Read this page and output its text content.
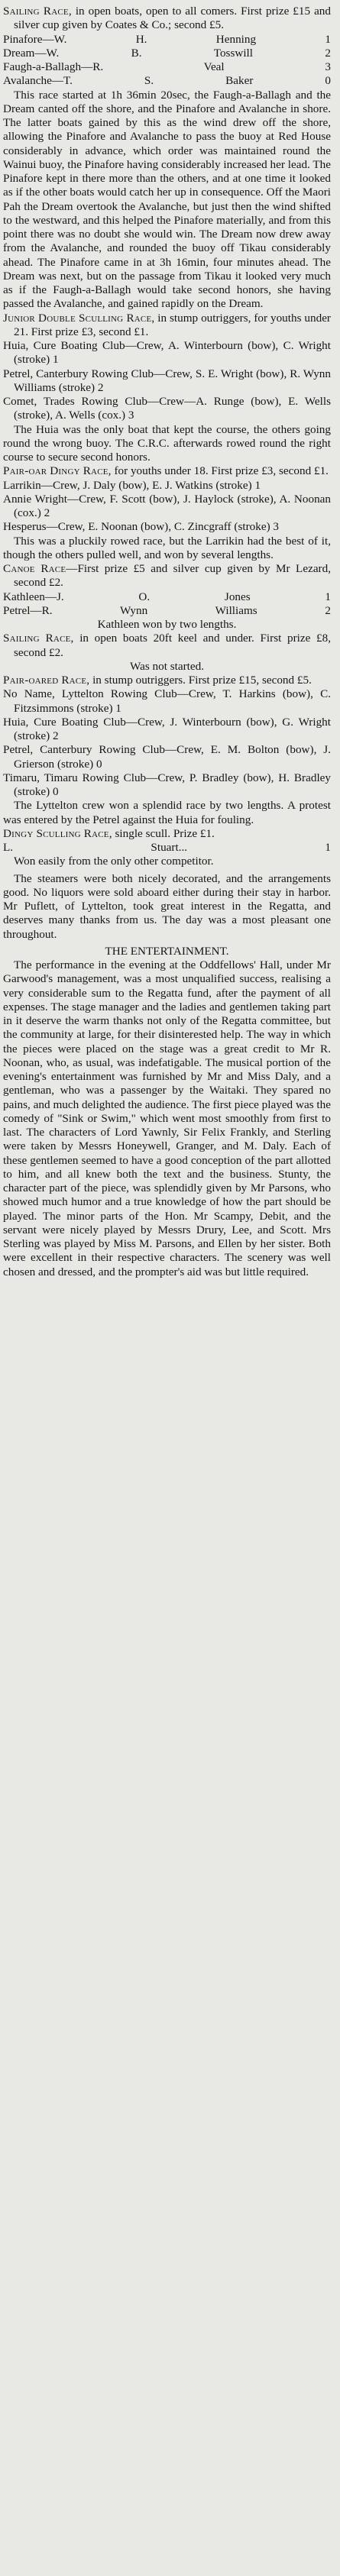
Sailing Race, in open boats, open to all comers. First prize £15 and silver cup given by Coates & Co.; second £5.

Pinafore—W. H. Henning 1

Dream—W. B. Tosswill 2

Faugh-a-Ballagh—R. Veal 3

Avalanche—T. S. Baker 0

This race started at 1h 36min 20sec, the Faugh-a-Ballagh and the Dream canted off the shore, and the Pinafore and Avalanche in shore. The latter boats gained by this as the wind drew off the shore, allowing the Pinafore and Avalanche to pass the buoy at Red House considerably in advance, which order was maintained round the Wainui buoy, the Pinafore having considerably increased her lead. The Pinafore kept in there more than the others, and at one time it looked as if the other boats would catch her up in consequence. Off the Maori Pah the Dream overtook the Avalanche, but just then the wind shifted to the westward, and this helped the Pinafore materially, and from this point there was no doubt she would win. The Dream now drew away from the Avalanche, and rounded the buoy off Tikau considerably ahead. The Pinafore came in at 3h 16min, four minutes ahead. The Dream was next, but on the passage from Tikau it looked very much as if the Faugh-a-Ballagh would take second honors, she having passed the Avalanche, and gained rapidly on the Dream.

Junior Double Sculling Race, in stump outriggers, for youths under 21. First prize £3, second £1.

Huia, Cure Boating Club—Crew, A. Winterbourn (bow), C. Wright (stroke) 1

Petrel, Canterbury Rowing Club—Crew, S. E. Wright (bow), R. Wynn Williams (stroke) 2

Comet, Trades Rowing Club—Crew—A. Runge (bow), E. Wells (stroke), A. Wells (cox.) 3

The Huia was the only boat that kept the course, the others going round the wrong buoy. The C.R.C. afterwards rowed round the right course to secure second honors.

Pair-oar Dingy Race, for youths under 18. First prize £3, second £1.

Larrikin—Crew, J. Daly (bow), E. J. Watkins (stroke) 1

Annie Wright—Crew, F. Scott (bow), J. Haylock (stroke), A. Noonan (cox.) 2

Hesperus—Crew, E. Noonan (bow), C. Zincgraff (stroke) 3

This was a pluckily rowed race, but the Larrikin had the best of it, though the others pulled well, and won by several lengths.

Canoe Race—First prize £5 and silver cup given by Mr Lezard, second £2.

Kathleen—J. O. Jones 1

Petrel—R. Wynn Williams 2

Kathleen won by two lengths.

Sailing Race, in open boats 20ft keel and under. First prize £8, second £2.

Was not started.

Pair-oared Race, in stump outriggers. First prize £15, second £5.

No Name, Lyttelton Rowing Club—Crew, T. Harkins (bow), C. Fitzsimmons (stroke) 1

Huia, Cure Boating Club—Crew, J. Winterbourn (bow), G. Wright (stroke) 2

Petrel, Canterbury Rowing Club—Crew, E. M. Bolton (bow), J. Grierson (stroke) 0

Timaru, Timaru Rowing Club—Crew, P. Bradley (bow), H. Bradley (stroke) 0

The Lyttelton crew won a splendid race by two lengths. A protest was entered by the Petrel against the Huia for fouling.

Dingy Sculling Race, single scull. Prize £1.

L. Stuart... 1

Won easily from the only other competitor.

The steamers were both nicely decorated, and the arrangements good. No liquors were sold aboard either during their stay in harbor. Mr Puflett, of Lyttelton, took great interest in the Regatta, and deserves many thanks from us. The day was a most pleasant one throughout.

THE ENTERTAINMENT.

The performance in the evening at the Oddfellows' Hall, under Mr Garwood's management, was a most unqualified success, realising a very considerable sum to the Regatta fund, after the payment of all expenses. The stage manager and the ladies and gentlemen taking part in it deserve the warm thanks not only of the Regatta committee, but the community at large, for their disinterested help. The way in which the pieces were placed on the stage was a great credit to Mr R. Noonan, who, as usual, was indefatigable. The musical portion of the evening's entertainment was furnished by Mr and Miss Daly, and a gentleman, who was a passenger by the Waitaki. They spared no pains, and much delighted the audience. The first piece played was the comedy of "Sink or Swim," which went most smoothly from first to last. The characters of Lord Yawnly, Sir Felix Frankly, and Sterling were taken by Messrs Honeywell, Granger, and M. Daly. Each of these gentlemen seemed to have a good conception of the part allotted to him, and all knew both the text and the business. Stunty, the character part of the piece, was splendidly given by Mr Parsons, who showed much humor and a true knowledge of how the part should be played. The minor parts of the Hon. Mr Scampy, Debit, and the servant were nicely played by Messrs Drury, Lee, and Scott. Mrs Sterling was played by Miss M. Parsons, and Ellen by her sister. Both were excellent in their respective characters. The scenery was well chosen and dressed, and the prompter's aid was but little required.
